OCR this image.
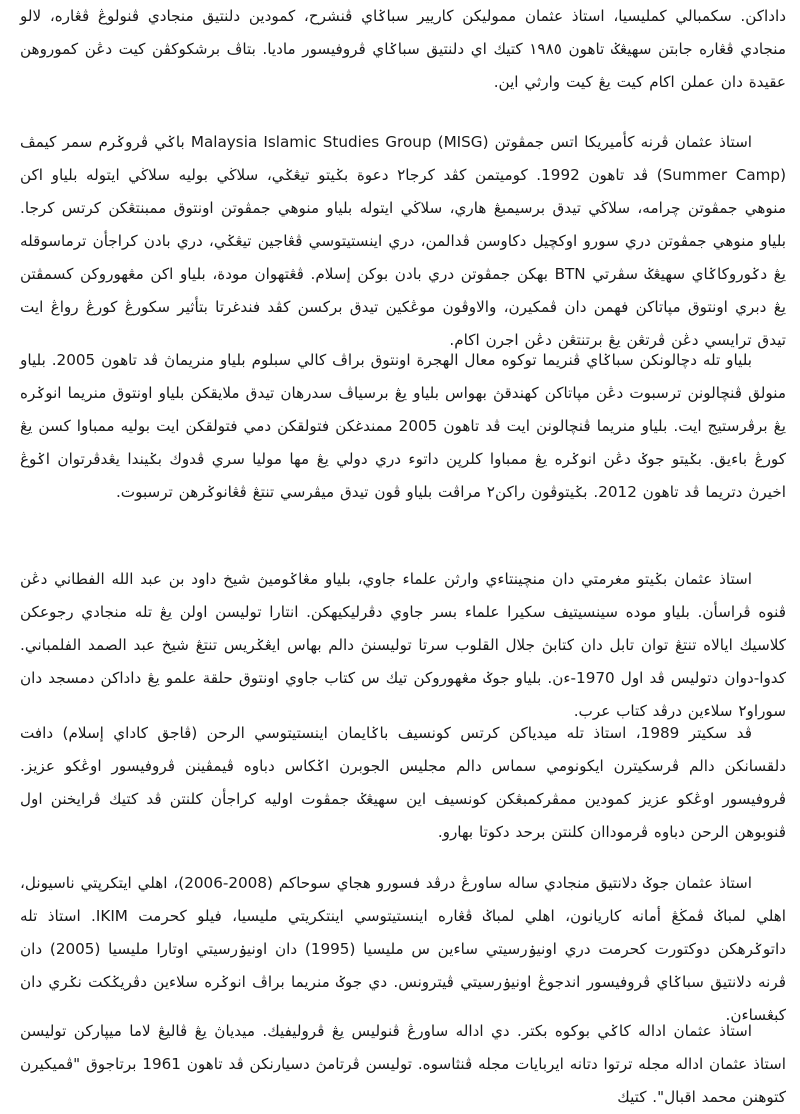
داداكن. سكمبالي كمليسيا، استاذ عثمان مموليكن كاريير سباݢاي ڤنشرح، كمودين دلنتيق منجادي ڤنولوڠ ڤڠاره، لالو منجادي ڤڠاره جابتن سهيڠݢ تاهون ١٩٨٥ كتيك اي دلنتيق سباݢاي ڤروفيسور ماديا. بتاڤ برشكوكڤن كيت دڠن كموروهن عقيدة دان عملن اكام كيت يڠ كيت وارثي اين.

استاذ عثمان ڤرنه كأميريكا اتس جمڤوتن Malaysia Islamic Studies Group (MISG) باݢي ڤروݢرم سمر كيمڤ (Summer Camp) ڤد تاهون 1992. كوميتمن كڤد كرجا٢ دعوة بݢيتو تيڠݢي، سلاڬي بوليه سلاڬي ايتوله بلياو اكن منوهي جمڤوتن چرامه، سلاڬي تيدق برسيمبڠ هاري، سلاڬي ايتوله بلياو منوهي جمڤوتن اونتوق ممبنتڠكن كرتس كرجا. بلياو منوهي جمڤوتن دري سورو اوكچيل دكاوسن ڤدالمن، دري اينستيتوسي ڤڠاجين تيڠݢي، دري بادن كراجأن ترماسوقله يڠ دݢوروكاݢاي سهيڠݢ سڤرتي BTN بهكن جمڤوتن دري بادن بوكن إسلام. ڤڠتهوان مودة، بلياو اكن مڠهوروكن كسمڤتن يڠ دبري اونتوق مڽاتاكن فهمن دان ڤمكيرن، والاوڤون موڠكين تيدق بركسن كڤد فندغرتا بتأثير سكورڠ كورڠ رواڠ ايت تيدق ترايسي دڠن ڤرتڠن يڠ برتنتڠن دڠن اجرن اكام.

بلياو تله دچالونكن سباݢاي ڤنريما توكوه معال الهجرة اونتوق براڤ كالي سبلوم بلياو منريماڽ ڤد تاهون 2005. بلياو منولق ڤنچالونن ترسبوت دڠن مڽاتاكن كهندقڽ بهواس بلياو يڠ برسياڤ سدرهان تيدق ملايقكن بلياو اونتوق منريما انوݢره يڠ برڤرستيج ايت. بلياو منريما ڤنچالونن ايت ڤد تاهون 2005 ممندغكن فتولقكن دمي فتولقكن ايت بوليه ممباوا كسن يڠ كورڠ باءيق. بݢيتو جوݢ دڠن انوݢره يڠ ممباوا كلرڽن داتوء دري دولي يڠ مها موليا سري ڤدوك بݢيندا يڠدڤرتوان اݢوڠ اخيرڽ دتريما ڤد تاهون 2012. بݢيتوڤون راكن٢ مراڤت بلياو ڤون تيدق ميڤرسي تنتڠ ڤڠانوݢرهن ترسبوت.

استاذ عثمان بݢيتو مغرمتي دان منچينتاءي وارثن علماء جاوي، بلياو مڠاݢوميڽ شيخ داود بن عبد الله الفطاني دڠن ڤنوه ڤراسأن. بلياو موده سينسيتيف سكيرا علماء بسر جاوي دڤرليكيهكن. انتارا توليسن اولن يڠ تله منجادي رجوعكن كلاسيك ايالاه تنتڠ توان تابل دان كتابڽ جلال القلوب سرتا توليسنڽ دالم بهاس ايڠݢريس تنتڠ شيخ عبد الصمد الفلمباني. كدوا-دوان دتوليس ڤد اول 1970-ءن. بلياو جوݢ مڠهوروكن تيك س كتاب جاوي اونتوق حلقة علمو يڠ داداكن دمسجد دان سوراو٢ سلاءين درڤد كتاب عرب.

ڤد سكيتر 1989، استاذ تله ميدياكن كرتس كونسيف باݢايمان اينستيتوسي الرحن (ڤاجق كاداي إسلام) دافت دلقسانكن دالم ڤرسكيترن ايكونومي سماس دالم مجليس الجوبرن اݢكاس دباوه ڤيمڤينن ڤروفيسور اوڠكو عزيز. ڤروفيسور اوڠكو عزيز كمودين ممڤركمبڠكن كونسيف اين سهيڠݢ جمڤوت اوليه كراجأن كلنتن ڤد كتيك ڤرايخنن اول ڤنوبوهن الرحن دباوه ڤرموداان كلنتن برحد دكوتا بهارو.

استاذ عثمان جوݢ دلانتيق منجادي ساله ساورڠ درڤد فسورو هجاي سوحاكم (2008-2006)، اهلي ايتكرپتي ناسيونل، اهلي لمباݢ ڤمڬڠ أمانه كاريانون، اهلي لمباݢ ڤڠاره اينستيتوسي اينتكريتي مليسيا، فيلو كحرمت IKIM. استاذ تله داتوݢرهكن دوكتورت كحرمت دري اونيۏرسيتي ساءين س مليسيا (1995) دان اونيۏرسيتي اوتارا مليسيا (2005) دان ڤرنه دلانتيق سباݢاي ڤروفيسور اندجوڠ اونيۏرسيتي ڤيترونس. دي جوݢ منريما براڤ انوݢره سلاءين دڤريݢكت نݢري دان كبڠساءن.

استاذ عثمان اداله كاݢي بوكوه بكتر. دي اداله ساورڠ ڤنوليس يڠ ڤروليفيك. ميدياڽ يڠ ڤاليڠ لاما ميڽاركن توليسن استاذ عثمان اداله مجله ترتوا دتانه ايربايات مجله ڤنثاسوه. توليسن ڤرتامڽ دسيارنكن ڤد تاهون 1961 برتاجوق "ڤميكيرن كتوهنن محمد اقبال". كتيك
